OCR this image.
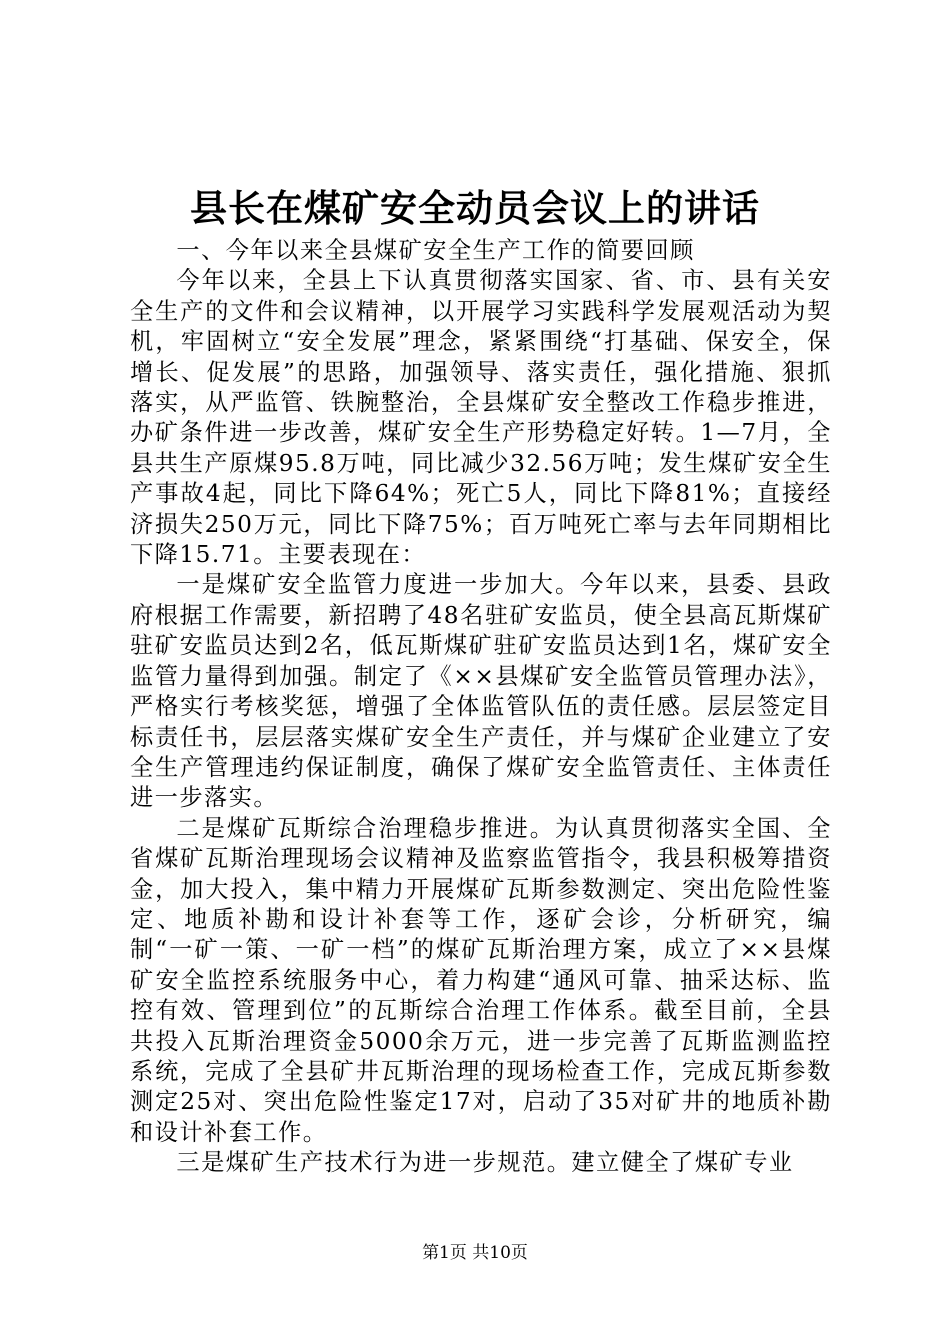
县长在煤矿安全动员会议上的讲话

一、今年以来全县煤矿安全生产工作的简要回顾

今年以来，全县上下认真贯彻落实国家、省、市、县有关安全生产的文件和会议精神，以开展学习实践科学发展观活动为契机，牢固树立“安全发展”理念，紧紧围绕“打基础、保安全，保增长、促发展”的思路，加强领导、落实责任，强化措施、狠抓落实，从严监管、铁腕整治，全县煤矿安全整改工作稳步推进，办矿条件进一步改善，煤矿安全生产形势稳定好转。1—7月，全县共生产原煤95.8万吨，同比减少32.56万吨；发生煤矿安全生产事故4起，同比下降64%；死亡5人，同比下降81%；直接经济损失250万元，同比下降75%；百万吨死亡率与去年同期相比下降15.71。主要表现在：

一是煤矿安全监管力度进一步加大。今年以来，县委、县政府根据工作需要，新招聘了48名驻矿安监员，使全县高瓦斯煤矿驻矿安监员达到2名，低瓦斯煤矿驻矿安监员达到1名，煤矿安全监管力量得到加强。制定了《××县煤矿安全监管员管理办法》，严格实行考核奖惩，增强了全体监管队伍的责任感。层层签定目标责任书，层层落实煤矿安全生产责任，并与煤矿企业建立了安全生产管理违约保证制度，确保了煤矿安全监管责任、主体责任进一步落实。

二是煤矿瓦斯综合治理稳步推进。为认真贯彻落实全国、全省煤矿瓦斯治理现场会议精神及监察监管指令，我县积极筹措资金，加大投入，集中精力开展煤矿瓦斯参数测定、突出危险性鉴定、地质补勘和设计补套等工作，逐矿会诊，分析研究，编制“一矿一策、一矿一档”的煤矿瓦斯治理方案，成立了××县煤矿安全监控系统服务中心，着力构建“通风可靠、抽采达标、监控有效、管理到位”的瓦斯综合治理工作体系。截至目前，全县共投入瓦斯治理资金5000余万元，进一步完善了瓦斯监测监控系统，完成了全县矿井瓦斯治理的现场检查工作，完成瓦斯参数测定25对、突出危险性鉴定17对，启动了35对矿井的地质补勘和设计补套工作。

三是煤矿生产技术行为进一步规范。建立健全了煤矿专业

第1页 共10页
